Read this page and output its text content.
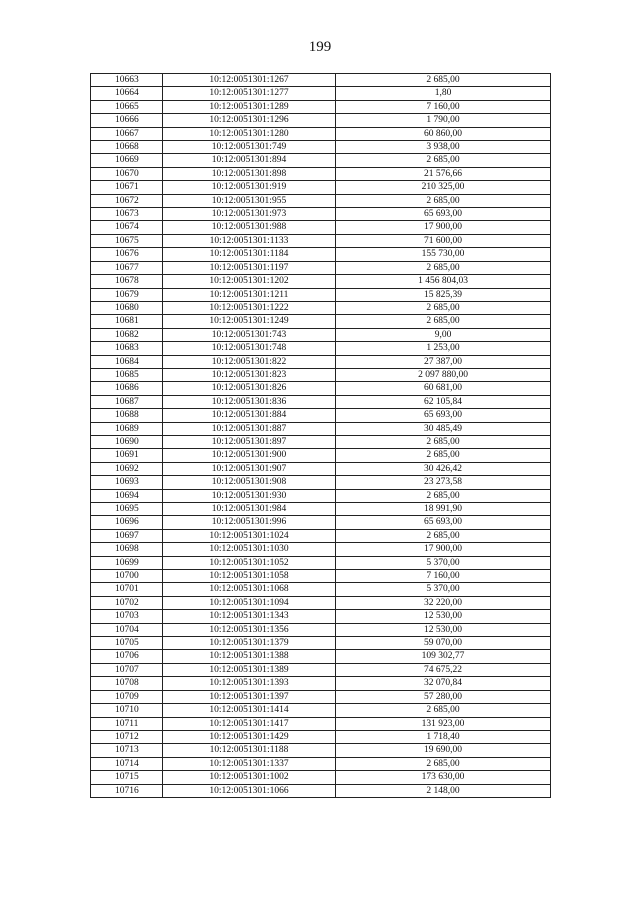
199
10663	10:12:0051301:1267	2 685,00
10664	10:12:0051301:1277	1,80
10665	10:12:0051301:1289	7 160,00
10666	10:12:0051301:1296	1 790,00
10667	10:12:0051301:1280	60 860,00
10668	10:12:0051301:749	3 938,00
10669	10:12:0051301:894	2 685,00
10670	10:12:0051301:898	21 576,66
10671	10:12:0051301:919	210 325,00
10672	10:12:0051301:955	2 685,00
10673	10:12:0051301:973	65 693,00
10674	10:12:0051301:988	17 900,00
10675	10:12:0051301:1133	71 600,00
10676	10:12:0051301:1184	155 730,00
10677	10:12:0051301:1197	2 685,00
10678	10:12:0051301:1202	1 456 804,03
10679	10:12:0051301:1211	15 825,39
10680	10:12:0051301:1222	2 685,00
10681	10:12:0051301:1249	2 685,00
10682	10:12:0051301:743	9,00
10683	10:12:0051301:748	1 253,00
10684	10:12:0051301:822	27 387,00
10685	10:12:0051301:823	2 097 880,00
10686	10:12:0051301:826	60 681,00
10687	10:12:0051301:836	62 105,84
10688	10:12:0051301:884	65 693,00
10689	10:12:0051301:887	30 485,49
10690	10:12:0051301:897	2 685,00
10691	10:12:0051301:900	2 685,00
10692	10:12:0051301:907	30 426,42
10693	10:12:0051301:908	23 273,58
10694	10:12:0051301:930	2 685,00
10695	10:12:0051301:984	18 991,90
10696	10:12:0051301:996	65 693,00
10697	10:12:0051301:1024	2 685,00
10698	10:12:0051301:1030	17 900,00
10699	10:12:0051301:1052	5 370,00
10700	10:12:0051301:1058	7 160,00
10701	10:12:0051301:1068	5 370,00
10702	10:12:0051301:1094	32 220,00
10703	10:12:0051301:1343	12 530,00
10704	10:12:0051301:1356	12 530,00
10705	10:12:0051301:1379	59 070,00
10706	10:12:0051301:1388	109 302,77
10707	10:12:0051301:1389	74 675,22
10708	10:12:0051301:1393	32 070,84
10709	10:12:0051301:1397	57 280,00
10710	10:12:0051301:1414	2 685,00
10711	10:12:0051301:1417	131 923,00
10712	10:12:0051301:1429	1 718,40
10713	10:12:0051301:1188	19 690,00
10714	10:12:0051301:1337	2 685,00
10715	10:12:0051301:1002	173 630,00
10716	10:12:0051301:1066	2 148,00
